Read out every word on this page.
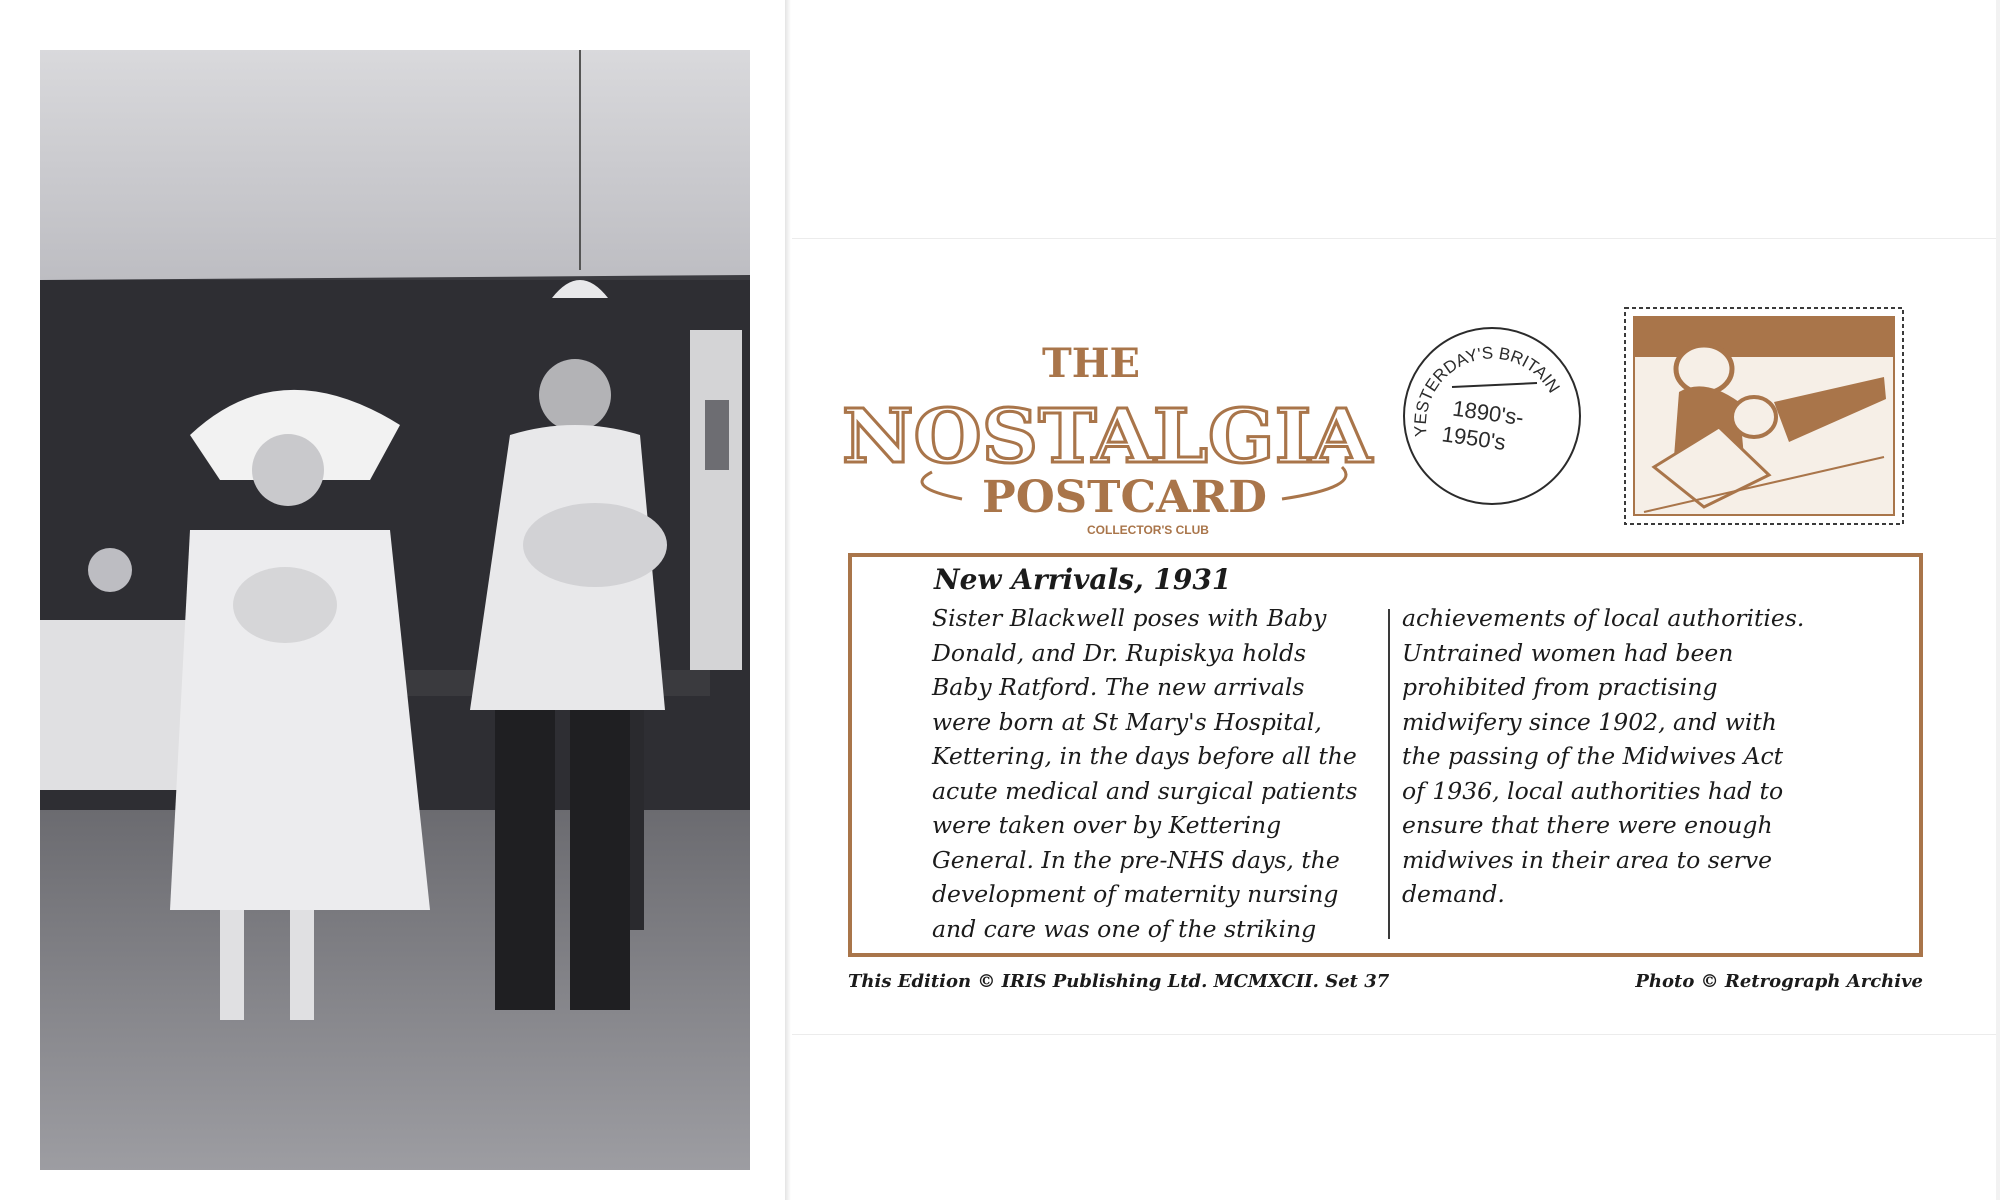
THE
NOSTALGIA
POSTCARD
COLLECTOR'S CLUB
YESTERDAY'S BRITAIN
1890's-
1950's
New Arrivals, 1931
Sister Blackwell poses with Baby
Donald, and Dr. Rupiskya holds
Baby Ratford. The new arrivals
were born at St Mary's Hospital,
Kettering, in the days before all the
acute medical and surgical patients
were taken over by Kettering
General. In the pre-NHS days, the
development of maternity nursing
and care was one of the striking
achievements of local authorities.
Untrained women had been
prohibited from practising
midwifery since 1902, and with
the passing of the Midwives Act
of 1936, local authorities had to
ensure that there were enough
midwives in their area to serve
demand.
This Edition © IRIS Publishing Ltd. MCMXCII. Set 37	Photo © Retrograph Archive
